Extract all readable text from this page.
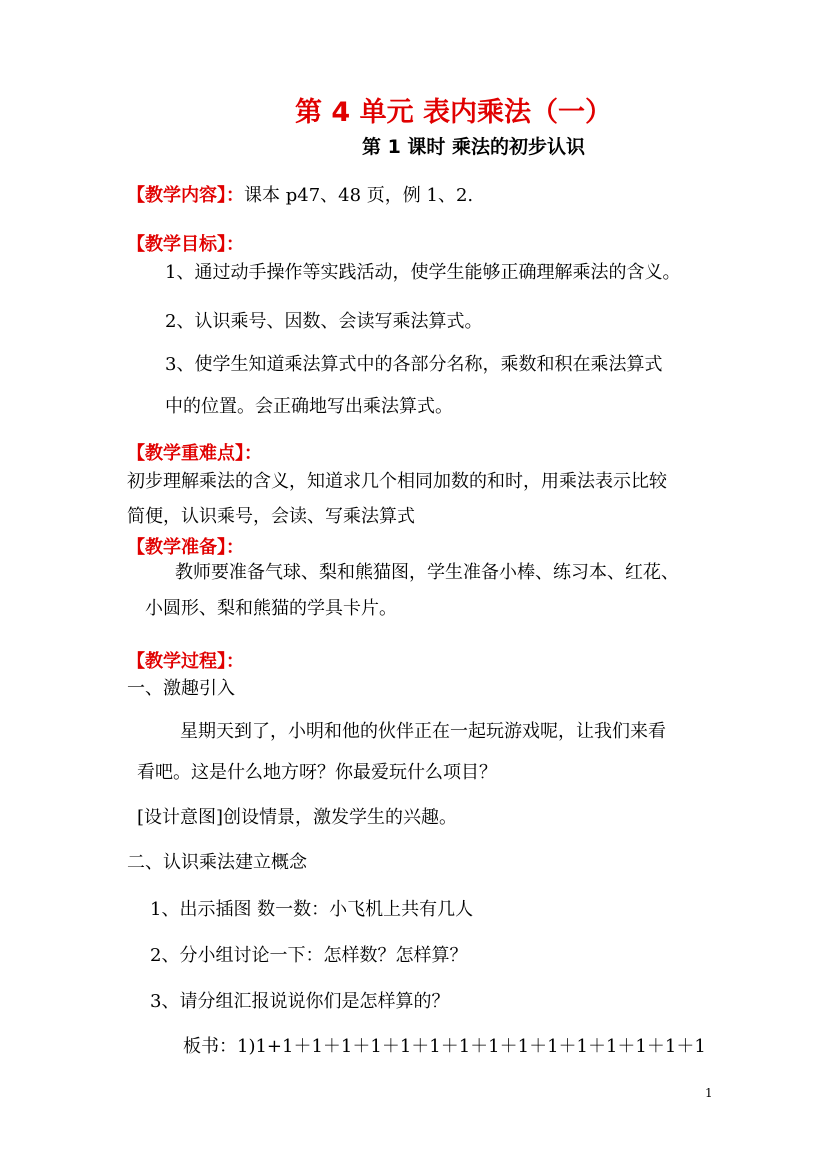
第 4 单元 表内乘法（一）
第 1 课时 乘法的初步认识
【教学内容】：课本 p47、48 页，例 1、2.
【教学目标】：
1、通过动手操作等实践活动，使学生能够正确理解乘法的含义。
2、认识乘号、因数、会读写乘法算式。
3、使学生知道乘法算式中的各部分名称，乘数和积在乘法算式
中的位置。会正确地写出乘法算式。
【教学重难点】：
初步理解乘法的含义，知道求几个相同加数的和时，用乘法表示比较
简便，认识乘号，会读、写乘法算式
【教学准备】：
教师要准备气球、梨和熊猫图，学生准备小棒、练习本、红花、
小圆形、梨和熊猫的学具卡片。
【教学过程】：
一、激趣引入
星期天到了，小明和他的伙伴正在一起玩游戏呢，让我们来看
看吧。这是什么地方呀？你最爱玩什么项目？
[设计意图]创设情景，激发学生的兴趣。
二、认识乘法建立概念
1、出示插图 数一数：小飞机上共有几人
2、分小组讨论一下：怎样数？怎样算？
3、请分组汇报说说你们是怎样算的？
板书：1)1+1＋1＋1＋1＋1＋1＋1＋1＋1＋1＋1＋1＋1＋1＋1
1
